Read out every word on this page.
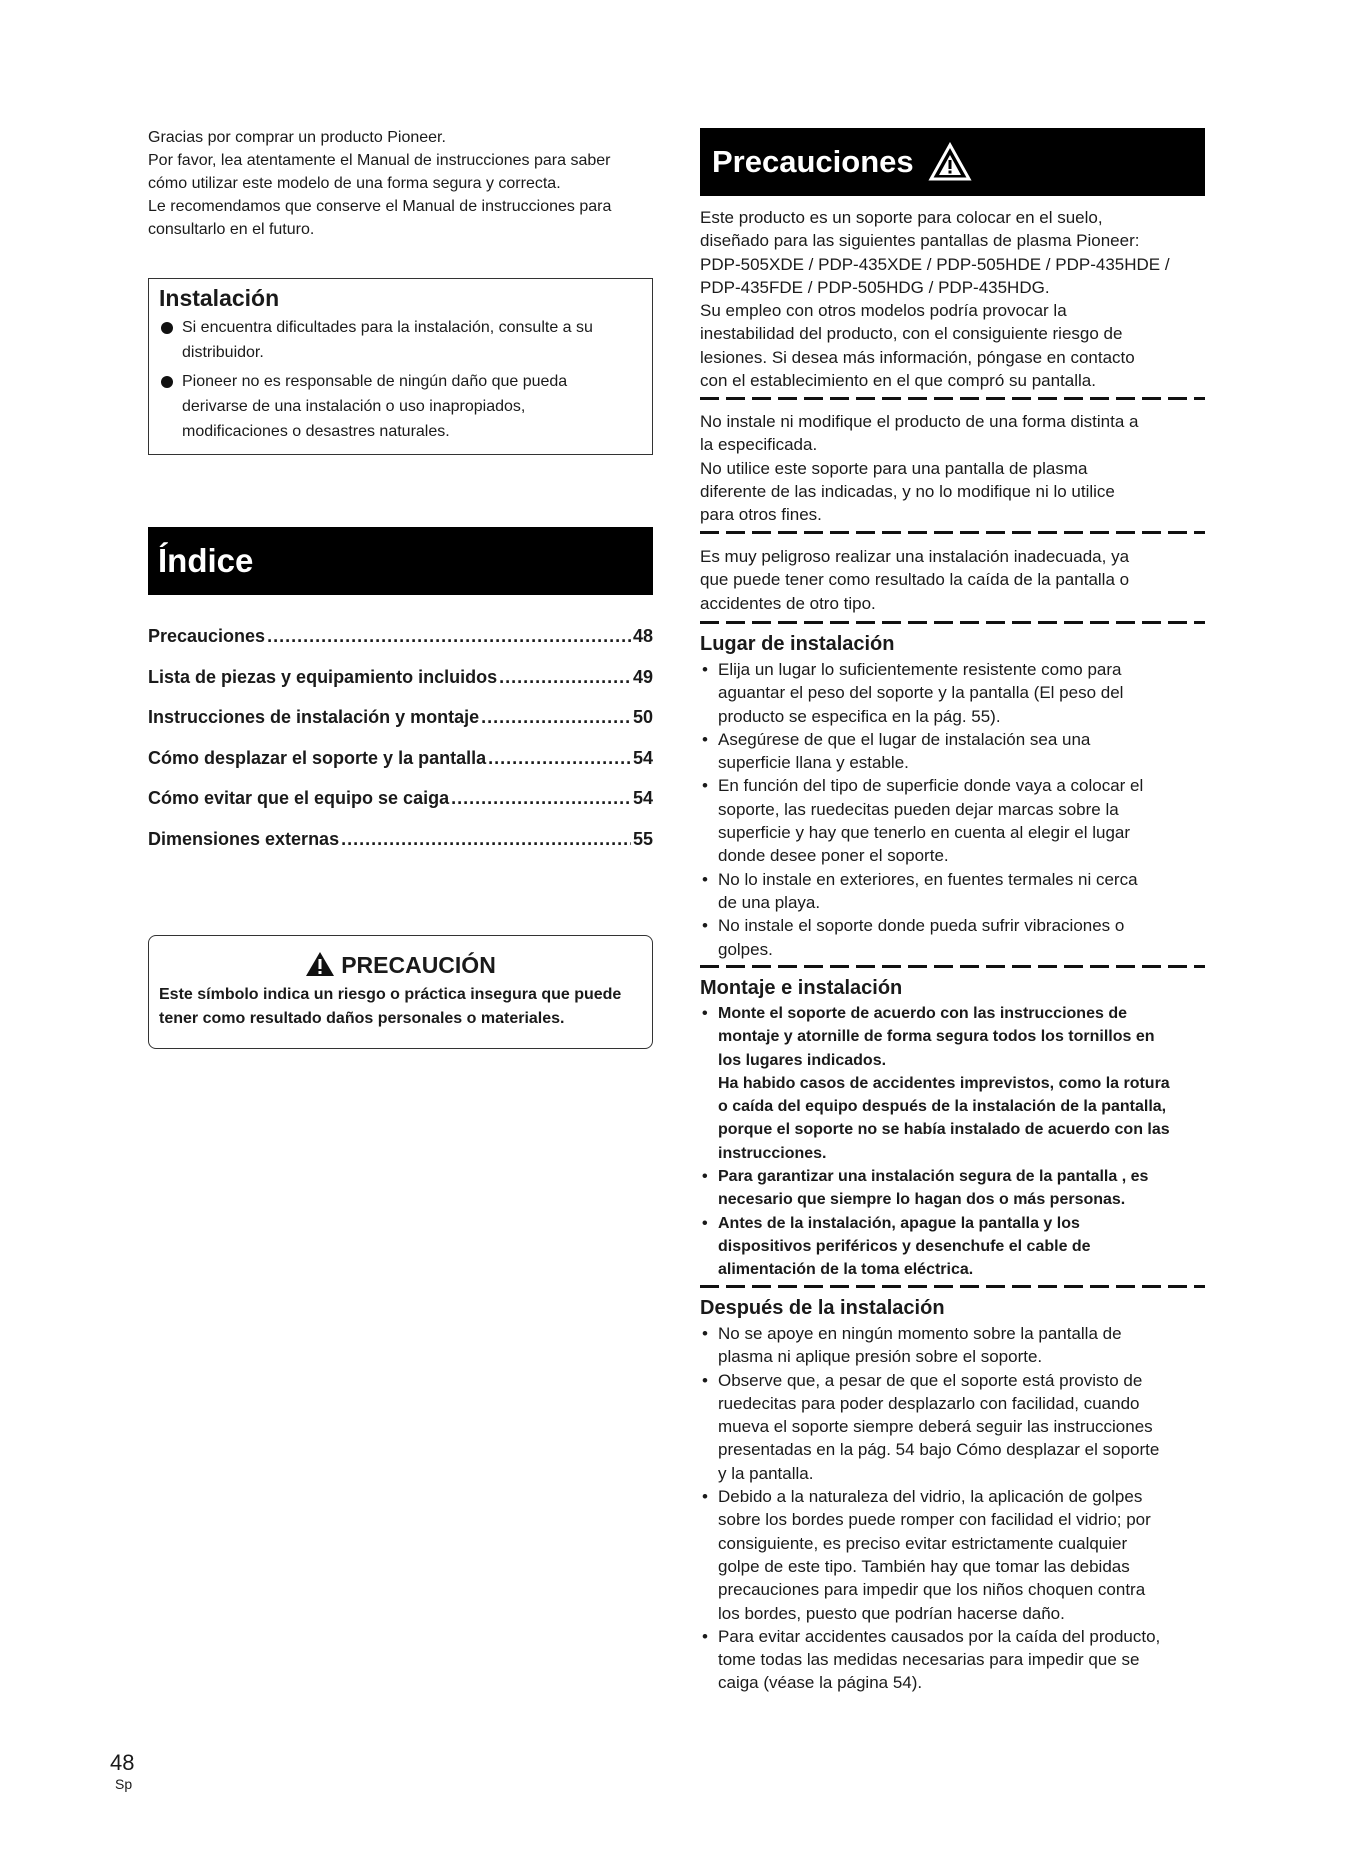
Gracias por comprar un producto Pioneer.

Por favor, lea atentamente el Manual de instrucciones para saber

cómo utilizar este modelo de una forma segura y correcta.

Le recomendamos que conserve el Manual de instrucciones para

consultarlo en el futuro.

Instalación
Si encuentra dificultades para la instalación, consulte a su
distribuidor.
Pioneer no es responsable de ningún daño que pueda
derivarse de una instalación o uso inapropiados,
modificaciones o desastres naturales.
Índice
Precauciones .....	48
Lista de piezas y equipamiento incluidos .....	49
Instrucciones de instalación y montaje .....	50
Cómo desplazar el soporte y la pantalla .....	54
Cómo evitar que el equipo se caiga .....	54
Dimensiones externas .....	55
PRECAUCIÓN
Este símbolo indica un riesgo o práctica insegura que puede
tener como resultado daños personales o materiales.
Precauciones

Este producto es un soporte para colocar en el suelo,

diseñado para las siguientes pantallas de plasma Pioneer:

PDP-505XDE / PDP-435XDE / PDP-505HDE / PDP-435HDE /

PDP-435FDE / PDP-505HDG / PDP-435HDG.

Su empleo con otros modelos podría provocar la

inestabilidad del producto, con el consiguiente riesgo de

lesiones. Si desea más información, póngase en contacto

con el establecimiento en el que compró su pantalla.

No instale ni modifique el producto de una forma distinta a

la especificada.

No utilice este soporte para una pantalla de plasma

diferente de las indicadas, y no lo modifique ni lo utilice

para otros fines.

Es muy peligroso realizar una instalación inadecuada, ya

que puede tener como resultado la caída de la pantalla o

accidentes de otro tipo.

Lugar de instalación
• Elija un lugar lo suficientemente resistente como para
aguantar el peso del soporte y la pantalla (El peso del
producto se especifica en la pág. 55).
• Asegúrese de que el lugar de instalación sea una
superficie llana y estable.
• En función del tipo de superficie donde vaya a colocar el
soporte, las ruedecitas pueden dejar marcas sobre la
superficie y hay que tenerlo en cuenta al elegir el lugar
donde desee poner el soporte.
• No lo instale en exteriores, en fuentes termales ni cerca
de una playa.
• No instale el soporte donde pueda sufrir vibraciones o
golpes.
Montaje e instalación
• Monte el soporte de acuerdo con las instrucciones de
montaje y atornille de forma segura todos los tornillos en
los lugares indicados.
Ha habido casos de accidentes imprevistos, como la rotura
o caída del equipo después de la instalación de la pantalla,
porque el soporte no se había instalado de acuerdo con las
instrucciones.
• Para garantizar una instalación segura de la pantalla , es
necesario que siempre lo hagan dos o más personas.
• Antes de la instalación, apague la pantalla y los
dispositivos periféricos y desenchufe el cable de
alimentación de la toma eléctrica.
Después de la instalación
• No se apoye en ningún momento sobre la pantalla de
plasma ni aplique presión sobre el soporte.
• Observe que, a pesar de que el soporte está provisto de
ruedecitas para poder desplazarlo con facilidad, cuando
mueva el soporte siempre deberá seguir las instrucciones
presentadas en la pág. 54 bajo Cómo desplazar el soporte
y la pantalla.
• Debido a la naturaleza del vidrio, la aplicación de golpes
sobre los bordes puede romper con facilidad el vidrio; por
consiguiente, es preciso evitar estrictamente cualquier
golpe de este tipo. También hay que tomar las debidas
precauciones para impedir que los niños choquen contra
los bordes, puesto que podrían hacerse daño.
• Para evitar accidentes causados por la caída del producto,
tome todas las medidas necesarias para impedir que se
caiga (véase la página 54).
48
Sp
